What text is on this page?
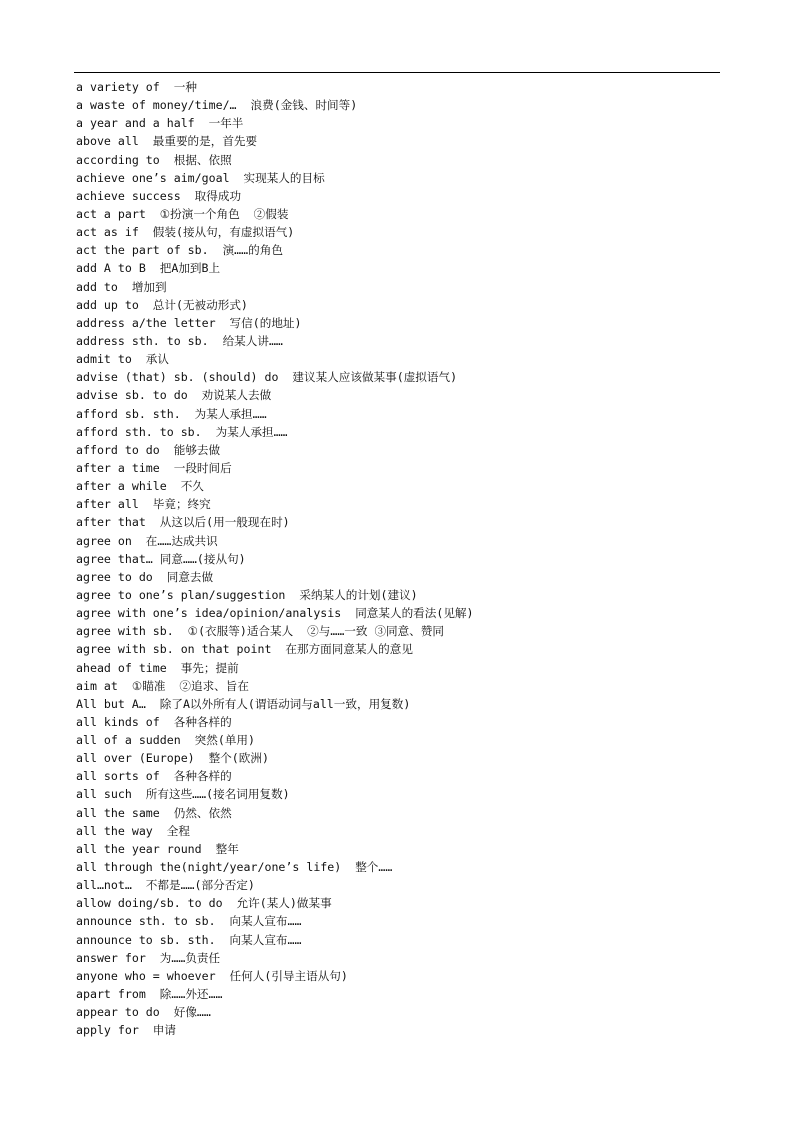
a variety of  一种
a waste of money/time/…  浪费(金钱、时间等)
a year and a half  一年半
above all  最重要的是，首先要
according to  根据、依照
achieve one’s aim/goal  实现某人的目标
achieve success  取得成功
act a part  ①扮演一个角色  ②假装
act as if  假装(接从句，有虚拟语气)
act the part of sb.  演……的角色
add A to B  把A加到B上
add to  增加到
add up to  总计(无被动形式)
address a/the letter  写信(的地址)
address sth. to sb.  给某人讲……
admit to  承认
advise (that) sb. (should) do  建议某人应该做某事(虚拟语气)
advise sb. to do  劝说某人去做
afford sb. sth.  为某人承担……
afford sth. to sb.  为某人承担……
afford to do  能够去做
after a time  一段时间后
after a while  不久
after all  毕竟；终究
after that  从这以后(用一般现在时)
agree on  在……达成共识
agree that… 同意……(接从句)
agree to do  同意去做
agree to one’s plan/suggestion  采纳某人的计划(建议)
agree with one’s idea/opinion/analysis  同意某人的看法(见解)
agree with sb.  ①(衣服等)适合某人  ②与……一致 ③同意、赞同
agree with sb. on that point  在那方面同意某人的意见
ahead of time  事先；提前
aim at  ①瞄准  ②追求、旨在
All but A…  除了A以外所有人(谓语动词与all一致，用复数)
all kinds of  各种各样的
all of a sudden  突然(单用)
all over (Europe)  整个(欧洲)
all sorts of  各种各样的
all such  所有这些……(接名词用复数)
all the same  仍然、依然
all the way  全程
all the year round  整年
all through the(night/year/one’s life)  整个……
all…not…  不都是……(部分否定)
allow doing/sb. to do  允许(某人)做某事
announce sth. to sb.  向某人宣布……
announce to sb. sth.  向某人宣布……
answer for  为……负责任
anyone who = whoever  任何人(引导主语从句)
apart from  除……外还……
appear to do  好像……
apply for  申请
